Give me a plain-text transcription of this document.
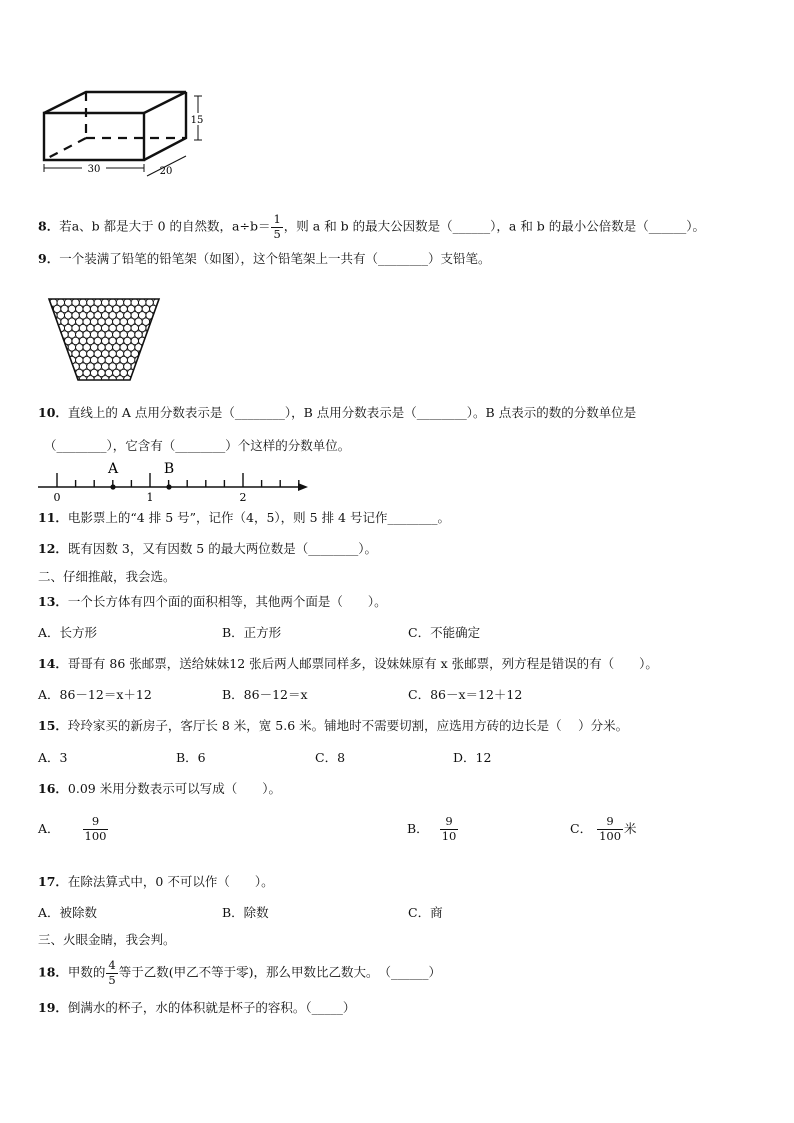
30	20
15
8．若a、b 都是大于 0 的自然数，$a\div b= \frac{1}{5}$ ，则 a 和 b 的最大公因数是（______），a 和 b 的最小公倍数是（______）。
9．一个装满了铅笔的铅笔架（如图），这个铅笔架上一共有（________）支铅笔。
10．直线上的 A 点用分数表示是（________），B 点用分数表示是（________）。B 点表示的数的分数单位是
（________），它含有（________）个这样的分数单位。
A	B
0	1	2
11．电影票上的“4 排 5 号”，记作（4，5），则 5 排 4 号记作________。
12．既有因数 3，又有因数 5 的最大两位数是（________）。
二、仔细推敲，我会选。
13．一个长方体有四个面的面积相等，其他两个面是（　　）。
A．长方形	B．正方形	C．不能确定
14．哥哥有 86 张邮票，送给妹妹12 张后两人邮票同样多，设妹妹原有 x 张邮票，列方程是错误的有（　　）。
A．86－12＝x＋12	B．86－12＝x	C．86－x＝12＋12
15．玲玲家买的新房子，客厅长 8 米，宽 5.6 米。铺地时不需要切割，应选用方砖的边长是（　 ）分米。
A．3	B．6	C．8	D．12
16．0.09 米用分数表示可以写成（　　）。
A． $\frac{9}{100}$	B． $\frac{9}{10}$	C． $\frac{9}{100}$ 米
17．在除法算式中，0 不可以作（　　）。
A．被除数	B．除数	C．商
三、火眼金睛，我会判。
18．甲数的 $\frac{4}{5}$ 等于乙数(甲乙不等于零)，那么甲数比乙数大。　（______）
19．倒满水的杯子，水的体积就是杯子的容积。（_____）
